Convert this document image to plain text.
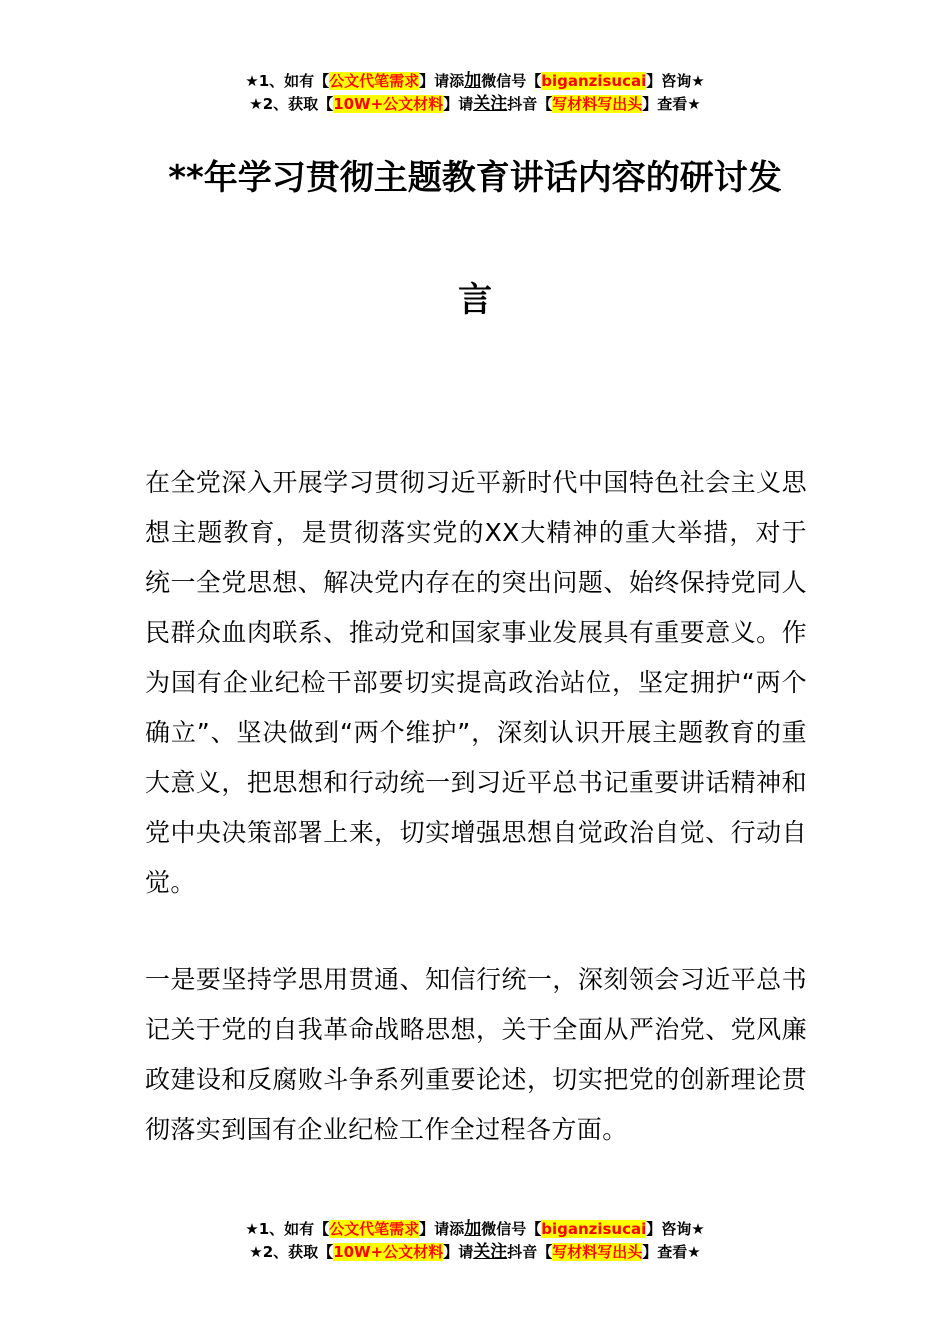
★1、如有【公文代笔需求】请添加微信号【biganzisucai】咨询★
★2、获取【10W+公文材料】请关注抖音【写材料写出头】查看★
**年学习贯彻主题教育讲话内容的研讨发
言
在全党深入开展学习贯彻习近平新时代中国特色社会主义思想主题教育，是贯彻落实党的XX大精神的重大举措，对于统一全党思想、解决党内存在的突出问题、始终保持党同人民群众血肉联系、推动党和国家事业发展具有重要意义。作为国有企业纪检干部要切实提高政治站位，坚定拥护“两个确立”、坚决做到“两个维护”，深刻认识开展主题教育的重大意义，把思想和行动统一到习近平总书记重要讲话精神和党中央决策部署上来，切实增强思想自觉政治自觉、行动自觉。
一是要坚持学思用贯通、知信行统一，深刻领会习近平总书记关于党的自我革命战略思想，关于全面从严治党、党风廉政建设和反腐败斗争系列重要论述，切实把党的创新理论贯彻落实到国有企业纪检工作全过程各方面。
★1、如有【公文代笔需求】请添加微信号【biganzisucai】咨询★
★2、获取【10W+公文材料】请关注抖音【写材料写出头】查看★
